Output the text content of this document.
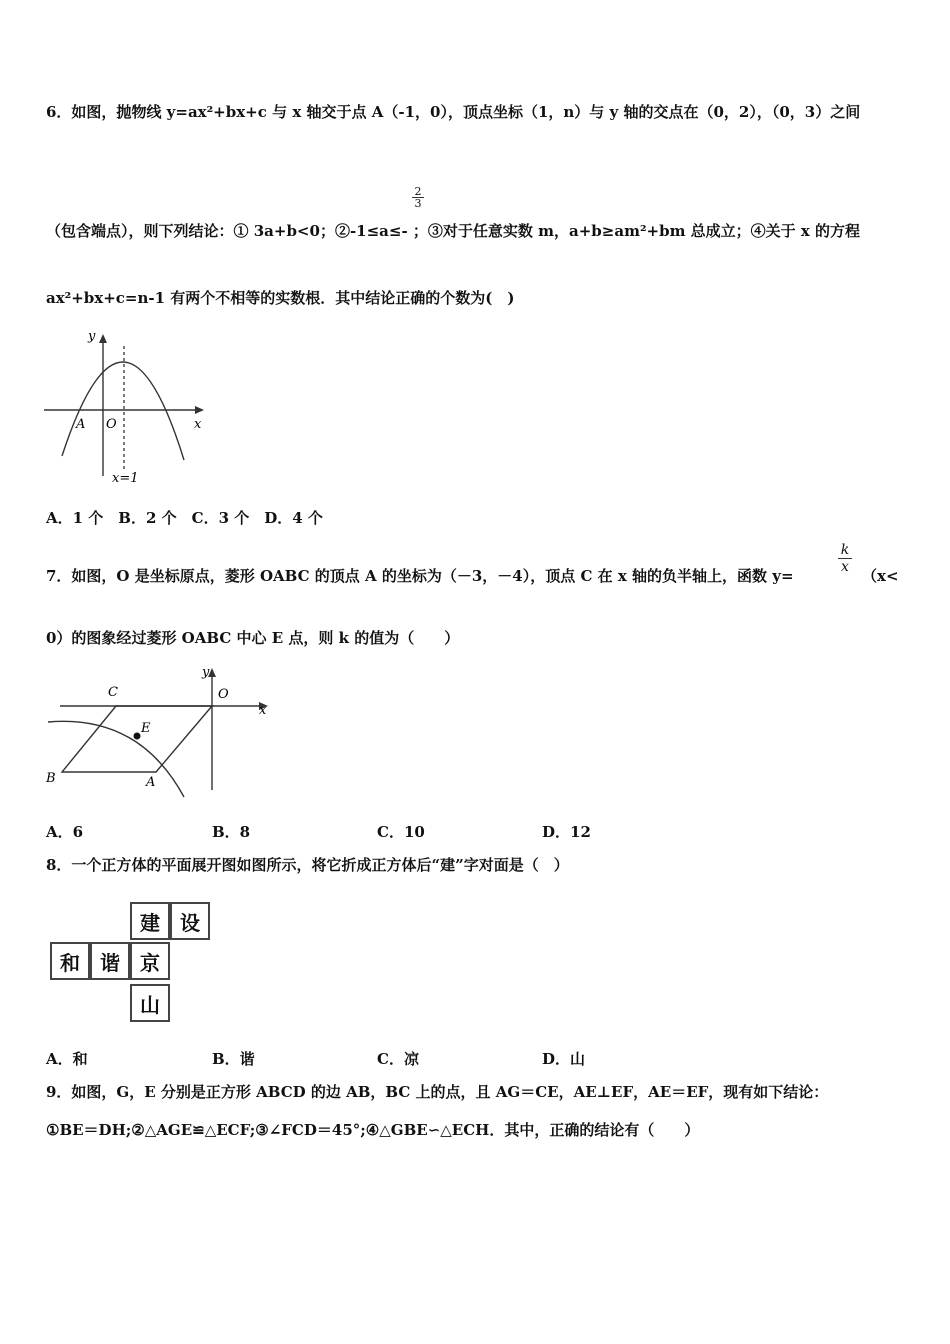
6．如图，抛物线 y=ax²+bx+c 与 x 轴交于点 A（-1，0），顶点坐标（1，n）与 y 轴的交点在（0，2），（0，3）之间
$\frac{2}{3}$
（包含端点），则下列结论：① 3a+b<0；②-1≤a≤- ；③对于任意实数 m，a+b≥am²+bm 总成立；④关于 x 的方程
ax²+bx+c=n-1 有两个不相等的实数根．其中结论正确的个数为(　)
y
x
A O
x=1
A．1 个　B．2 个　C．3 个　D．4 个
7．如图，O 是坐标原点，菱形 OABC 的顶点 A 的坐标为（－3，－4），顶点 C 在 x 轴的负半轴上，函数 y=
$\frac{k}{x}$
（x<
0）的图象经过菱形 OABC 中心 E 点，则 k 的值为（　　）
y
x
O
C
E
B	A
A．6	B．8	C．10	D．12
8．一个正方体的平面展开图如图所示，将它折成正方体后“建”字对面是（　）
建	设
和	谐	京
山
A．和	B．谐	C．凉	D．山
9．如图，G，E 分别是正方形 ABCD 的边 AB，BC 上的点，且 AG＝CE，AE⊥EF，AE＝EF，现有如下结论：
①BE＝DH;②△AGE≌△ECF;③∠FCD＝45°;④△GBE∽△ECH．其中，正确的结论有（　　）
